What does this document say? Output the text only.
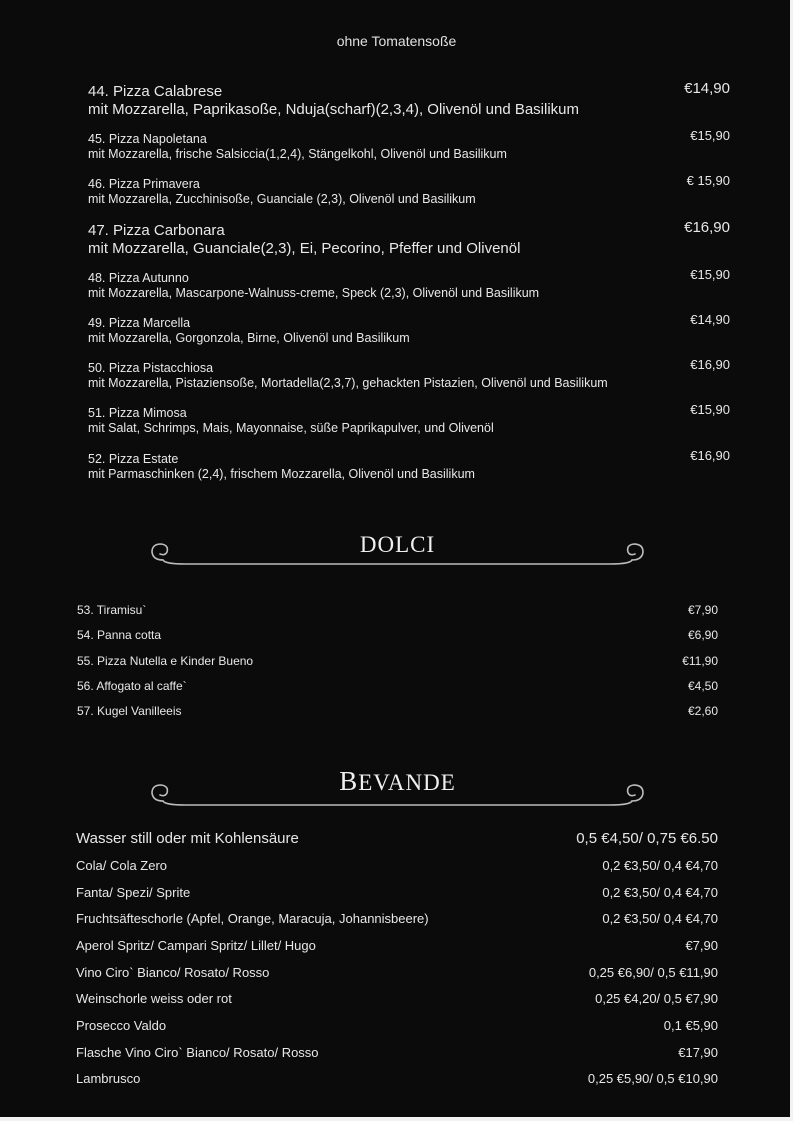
ohne Tomatensoße
44. Pizza Calabrese	€14,90
mit Mozzarella, Paprikasoße, Nduja(scharf)(2,3,4), Olivenöl und Basilikum
45. Pizza Napoletana	€15,90
mit Mozzarella, frische Salsiccia(1,2,4), Stängelkohl, Olivenöl und Basilikum
46. Pizza Primavera	€ 15,90
mit Mozzarella, Zucchinisoße, Guanciale (2,3), Olivenöl und Basilikum
47. Pizza Carbonara	€16,90
mit Mozzarella, Guanciale(2,3), Ei, Pecorino, Pfeffer und Olivenöl
48. Pizza Autunno	€15,90
mit Mozzarella, Mascarpone-Walnuss-creme, Speck (2,3), Olivenöl und Basilikum
49. Pizza Marcella	€14,90
mit Mozzarella, Gorgonzola, Birne, Olivenöl und Basilikum
50. Pizza Pistacchiosa	€16,90
mit Mozzarella, Pistaziensoße, Mortadella(2,3,7), gehackten Pistazien, Olivenöl und Basilikum
51. Pizza Mimosa	€15,90
mit Salat, Schrimps, Mais, Mayonnaise, süße Paprikapulver, und Olivenöl
52. Pizza Estate	€16,90
mit Parmaschinken (2,4), frischem Mozzarella, Olivenöl und Basilikum
DOLCI
53. Tiramisu`	€7,90
54. Panna cotta	€6,90
55. Pizza Nutella e Kinder Bueno	€11,90
56. Affogato al caffe`	€4,50
57. Kugel Vanilleeis	€2,60
BEVANDE
Wasser still oder mit Kohlensäure	0,5 €4,50/ 0,75 €6.50
Cola/ Cola Zero	0,2 €3,50/ 0,4 €4,70
Fanta/ Spezi/ Sprite	0,2 €3,50/ 0,4 €4,70
Fruchtsäfteschorle (Apfel, Orange, Maracuja, Johannisbeere)	0,2 €3,50/ 0,4 €4,70
Aperol Spritz/ Campari Spritz/ Lillet/ Hugo	€7,90
Vino Ciro` Bianco/ Rosato/ Rosso	0,25 €6,90/ 0,5 €11,90
Weinschorle weiss oder rot	0,25 €4,20/ 0,5 €7,90
Prosecco Valdo	0,1 €5,90
Flasche Vino Ciro` Bianco/ Rosato/ Rosso	€17,90
Lambrusco	0,25 €5,90/ 0,5 €10,90
